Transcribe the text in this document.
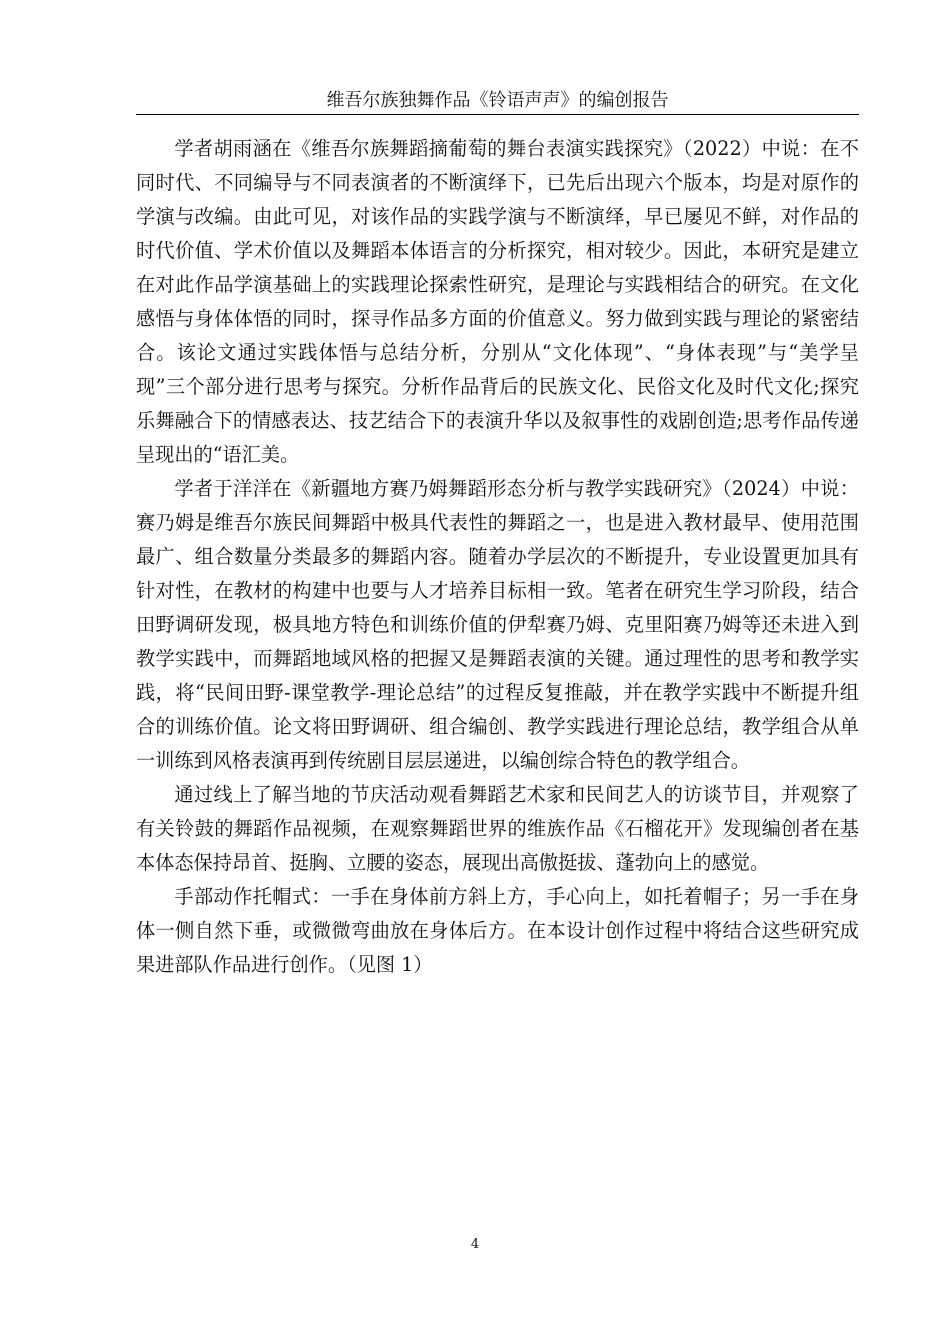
维吾尔族独舞作品《铃语声声》的编创报告

学者胡雨涵在《维吾尔族舞蹈摘葡萄的舞台表演实践探究》（2022）中说：在不同时代、不同编导与不同表演者的不断演绎下，已先后出现六个版本，均是对原作的学演与改编。由此可见，对该作品的实践学演与不断演绎，早已屡见不鲜，对作品的时代价值、学术价值以及舞蹈本体语言的分析探究，相对较少。因此，本研究是建立在对此作品学演基础上的实践理论探索性研究，是理论与实践相结合的研究。在文化感悟与身体体悟的同时，探寻作品多方面的价值意义。努力做到实践与理论的紧密结合。该论文通过实践体悟与总结分析，分别从“文化体现”、“身体表现”与“美学呈现”三个部分进行思考与探究。分析作品背后的民族文化、民俗文化及时代文化;探究乐舞融合下的情感表达、技艺结合下的表演升华以及叙事性的戏剧创造;思考作品传递呈现出的“语汇美。

学者于洋洋在《新疆地方赛乃姆舞蹈形态分析与教学实践研究》（2024）中说：赛乃姆是维吾尔族民间舞蹈中极具代表性的舞蹈之一，也是进入教材最早、使用范围最广、组合数量分类最多的舞蹈内容。随着办学层次的不断提升，专业设置更加具有针对性，在教材的构建中也要与人才培养目标相一致。笔者在研究生学习阶段，结合田野调研发现，极具地方特色和训练价值的伊犁赛乃姆、克里阳赛乃姆等还未进入到教学实践中，而舞蹈地域风格的把握又是舞蹈表演的关键。通过理性的思考和教学实践，将“民间田野-课堂教学-理论总结”的过程反复推敲，并在教学实践中不断提升组合的训练价值。论文将田野调研、组合编创、教学实践进行理论总结，教学组合从单一训练到风格表演再到传统剧目层层递进，以编创综合特色的教学组合。

通过线上了解当地的节庆活动观看舞蹈艺术家和民间艺人的访谈节目，并观察了有关铃鼓的舞蹈作品视频，在观察舞蹈世界的维族作品《石榴花开》发现编创者在基本体态保持昂首、挺胸、立腰的姿态，展现出高傲挺拔、蓬勃向上的感觉。

手部动作托帽式：一手在身体前方斜上方，手心向上，如托着帽子；另一手在身体一侧自然下垂，或微微弯曲放在身体后方。在本设计创作过程中将结合这些研究成果进部队作品进行创作。（见图 1）

4
